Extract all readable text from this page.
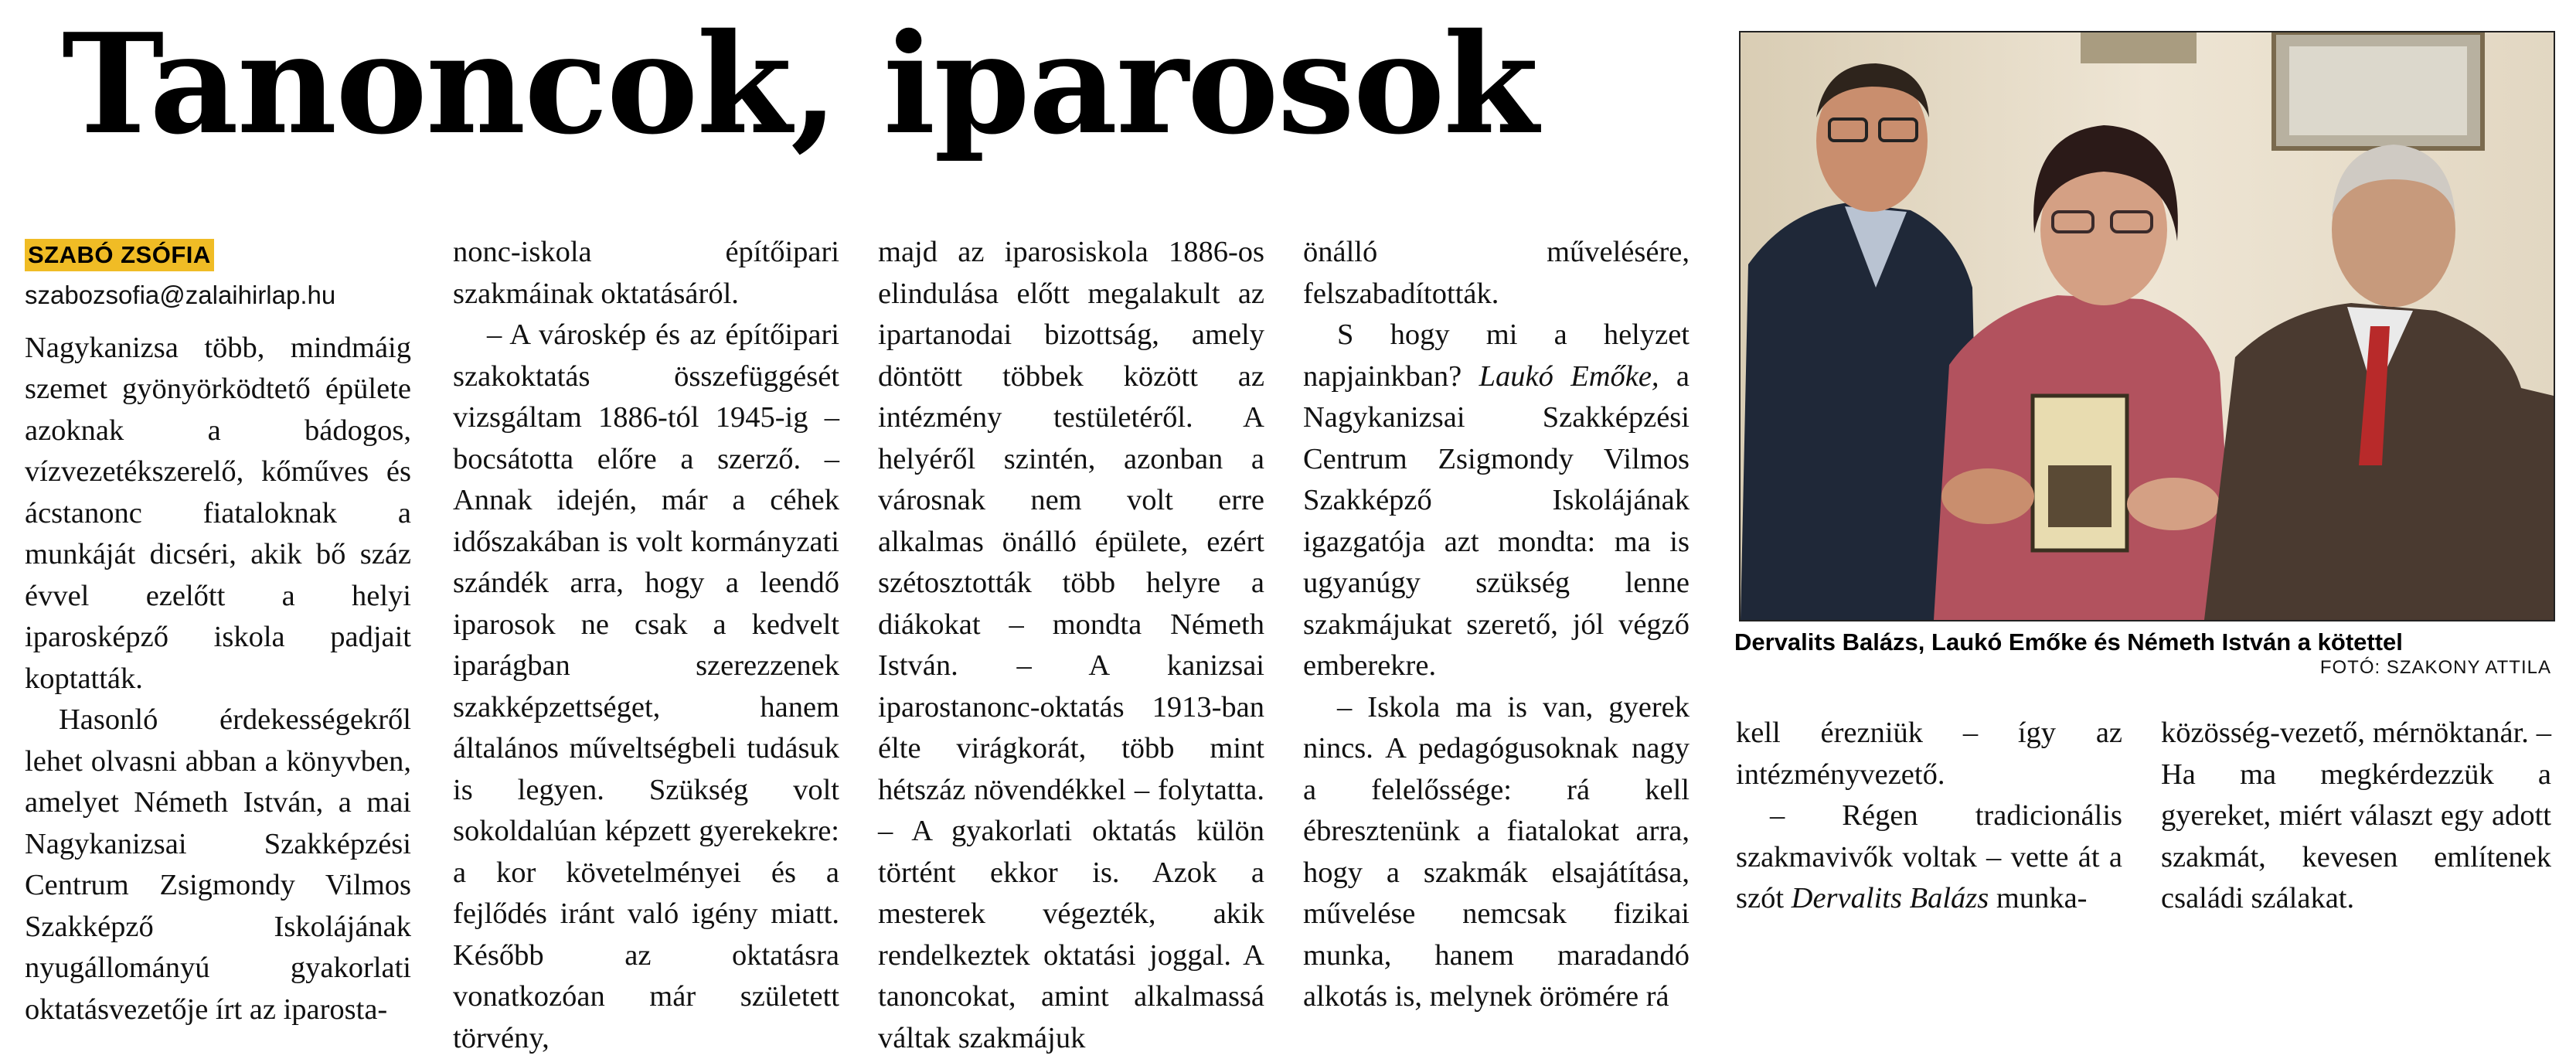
Tanoncok, iparosok
SZABÓ ZSÓFIA
szabozsofia@zalaihirlap.hu

Nagykanizsa több, mindmáig szemet gyönyörködtető épülete azoknak a bádogos, vízvezetékszerelő, kőműves és ácstanonc fiataloknak a munkáját dicséri, akik bő száz évvel ezelőtt a helyi iparosképző iskola padjait koptatták.

Hasonló érdekességekről lehet olvasni abban a könyvben, amelyet Németh István, a mai Nagykanizsai Szakképzési Centrum Zsigmondy Vilmos Szakképző Iskolájának nyugállományú gyakorlati oktatásvezetője írt az iparosta-

nonc-iskola építőipari szakmáinak oktatásáról.

– A városkép és az építőipari szakoktatás összefüggését vizsgáltam 1886-tól 1945-ig – bocsátotta előre a szerző. – Annak idején, már a céhek időszakában is volt kormányzati szándék arra, hogy a leendő iparosok ne csak a kedvelt iparágban szerezzenek szakképzettséget, hanem általános műveltségbeli tudásuk is legyen. Szükség volt sokoldalúan képzett gyerekekre: a kor követelményei és a fejlődés iránt való igény miatt. Később az oktatásra vonatkozóan már született törvény,

majd az iparosiskola 1886-os elindulása előtt megalakult az ipartanodai bizottság, amely döntött többek között az intézmény testületéről. A helyéről szintén, azonban a városnak nem volt erre alkalmas önálló épülete, ezért szétosztották több helyre a diákokat – mondta Németh István. – A kanizsai iparostanonc-oktatás 1913-ban élte virágkorát, több mint hétszáz növendékkel – folytatta. – A gyakorlati oktatás külön történt ekkor is. Azok a mesterek végezték, akik rendelkeztek oktatási joggal. A tanoncokat, amint alkalmassá váltak szakmájuk

önálló művelésére, felszabadították.

S hogy mi a helyzet napjainkban? Laukó Emőke, a Nagykanizsai Szakképzési Centrum Zsigmondy Vilmos Szakképző Iskolájának igazgatója azt mondta: ma is ugyanúgy szükség lenne szakmájukat szerető, jól végző emberekre.

– Iskola ma is van, gyerek nincs. A pedagógusoknak nagy a felelőssége: rá kell ébresztenünk a fiatalokat arra, hogy a szakmák elsajátítása, művelése nemcsak fizikai munka, hanem maradandó alkotás is, melynek örömére rá

Dervalits Balázs, Laukó Emőke és Németh István a kötettel
FOTÓ: SZAKONY ATTILA

kell érezniük – így az intézményvezető.

– Régen tradicionális szakmavivők voltak – vette át a szót Dervalits Balázs munka-

közösség-vezető, mérnöktanár. – Ha ma megkérdezzük a gyereket, miért választ egy adott szakmát, kevesen említenek családi szálakat.
